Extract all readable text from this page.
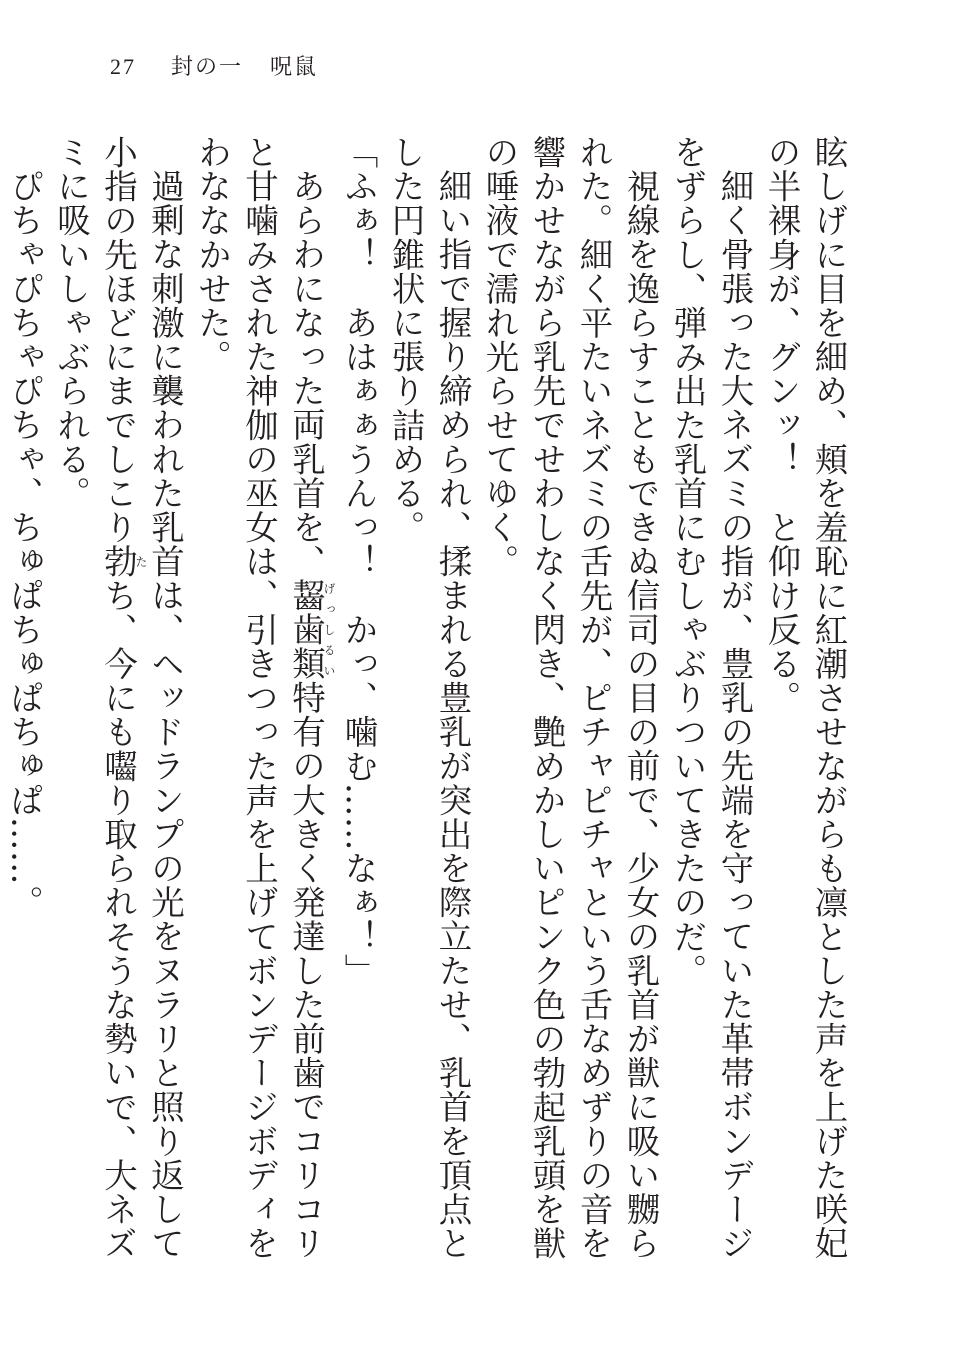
27 封の一 呪鼠

眩しげに目を細め、頬を羞恥に紅潮させながらも凛とした声を上げた咲妃の半裸身が、グンッ！　と仰け反る。

細く骨張った大ネズミの指が、豊乳の先端を守っていた革帯ボンデージをずらし、弾み出た乳首にむしゃぶりついてきたのだ。

視線を逸らすこともできぬ信司の目の前で、少女の乳首が獣に吸い嬲られた。細く平たいネズミの舌先が、ピチャピチャという舌なめずりの音を響かせながら乳先でせわしなく閃き、艶めかしいピンク色の勃起乳頭を獣の唾液で濡れ光らせてゆく。

細い指で握り締められ、揉まれる豊乳が突出を際立たせ、乳首を頂点とした円錐状に張り詰める。

「ふぁ！　あはぁぁうんっ！　かっ、噛む……なぁ！」

あらわになった両乳首を、齧歯類げっしるい特有の大きく発達した前歯でコリコリと甘噛みされた神伽の巫女は、引きつった声を上げてボンデージボディをわななかせた。

過剰な刺激に襲われた乳首は、ヘッドランプの光をヌラリと照り返して小指の先ほどにまでしこり勃たち、今にも囓り取られそうな勢いで、大ネズミに吸いしゃぶられる。

ぴちゃぴちゃぴちゃ、ちゅぱちゅぱちゅぱ……。
